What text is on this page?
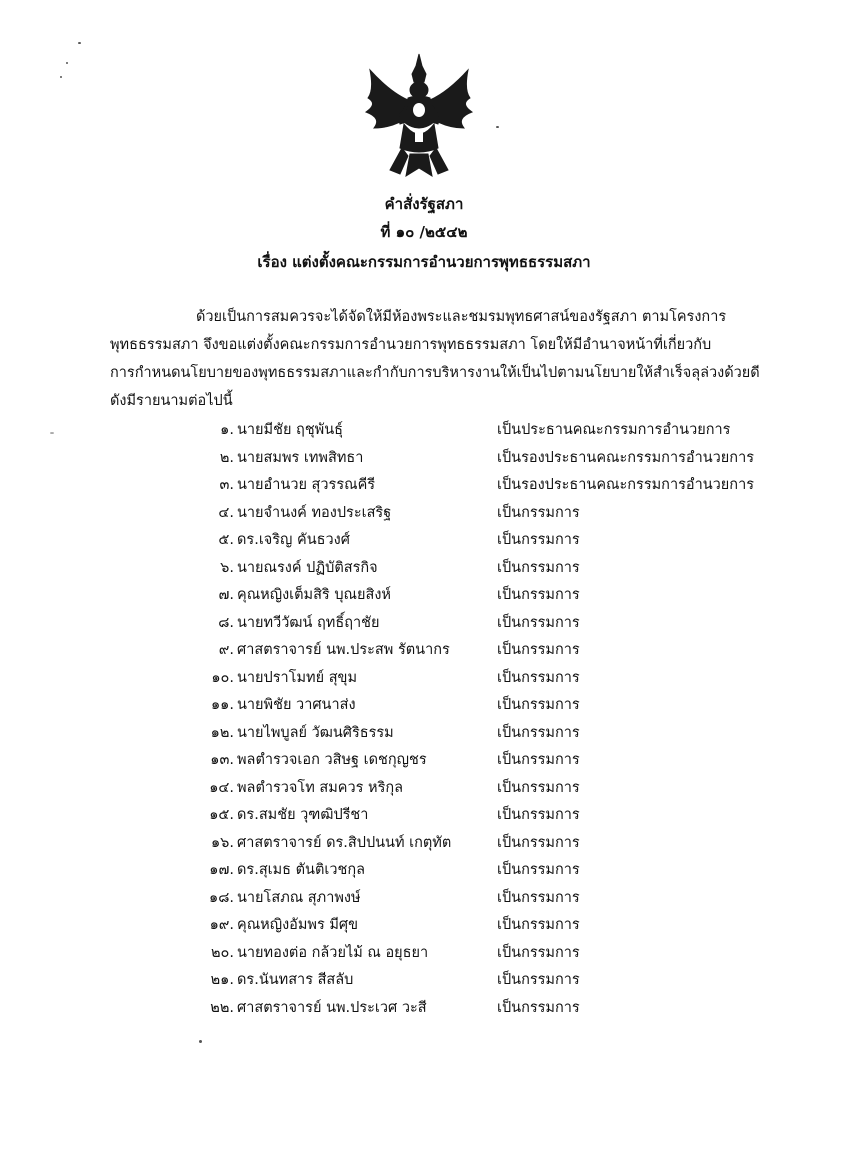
คำสั่งรัฐสภา
ที่ ๑๐ /๒๕๔๒
เรื่อง แต่งตั้งคณะกรรมการอำนวยการพุทธธรรมสภา
ด้วยเป็นการสมควรจะได้จัดให้มีห้องพระและชมรมพุทธศาสน์ของรัฐสภา ตามโครงการ
พุทธธรรมสภา จึงขอแต่งตั้งคณะกรรมการอำนวยการพุทธธรรมสภา โดยให้มีอำนาจหน้าที่เกี่ยวกับ
การกำหนดนโยบายของพุทธธรรมสภาและกำกับการบริหารงานให้เป็นไปตามนโยบายให้สำเร็จลุล่วงด้วยดี
ดังมีรายนามต่อไปนี้
๑. นายมีชัย ฤชุพันธุ์	เป็นประธานคณะกรรมการอำนวยการ
๒. นายสมพร เทพสิทธา	เป็นรองประธานคณะกรรมการอำนวยการ
๓. นายอำนวย สุวรรณคีรี	เป็นรองประธานคณะกรรมการอำนวยการ
๔. นายจำนงค์ ทองประเสริฐ	เป็นกรรมการ
๕. ดร.เจริญ คันธวงศ์	เป็นกรรมการ
๖. นายณรงค์ ปฏิบัติสรกิจ	เป็นกรรมการ
๗. คุณหญิงเต็มสิริ บุณยสิงห์	เป็นกรรมการ
๘. นายทวีวัฒน์ ฤทธิ์ฤาชัย	เป็นกรรมการ
๙. ศาสตราจารย์ นพ.ประสพ รัตนากร	เป็นกรรมการ
๑๐. นายปราโมทย์ สุขุม	เป็นกรรมการ
๑๑. นายพิชัย วาศนาส่ง	เป็นกรรมการ
๑๒. นายไพบูลย์ วัฒนศิริธรรม	เป็นกรรมการ
๑๓. พลตำรวจเอก วสิษฐ เดชกุญชร	เป็นกรรมการ
๑๔. พลตำรวจโท สมควร หริกุล	เป็นกรรมการ
๑๕. ดร.สมชัย วุฑฒิปรีชา	เป็นกรรมการ
๑๖. ศาสตราจารย์ ดร.สิปปนนท์ เกตุทัต	เป็นกรรมการ
๑๗. ดร.สุเมธ ตันติเวชกุล	เป็นกรรมการ
๑๘. นายโสภณ สุภาพงษ์	เป็นกรรมการ
๑๙. คุณหญิงอัมพร มีศุข	เป็นกรรมการ
๒๐. นายทองต่อ กล้วยไม้ ณ อยุธยา	เป็นกรรมการ
๒๑. ดร.นันทสาร สีสลับ	เป็นกรรมการ
๒๒. ศาสตราจารย์ นพ.ประเวศ วะสี	เป็นกรรมการ
